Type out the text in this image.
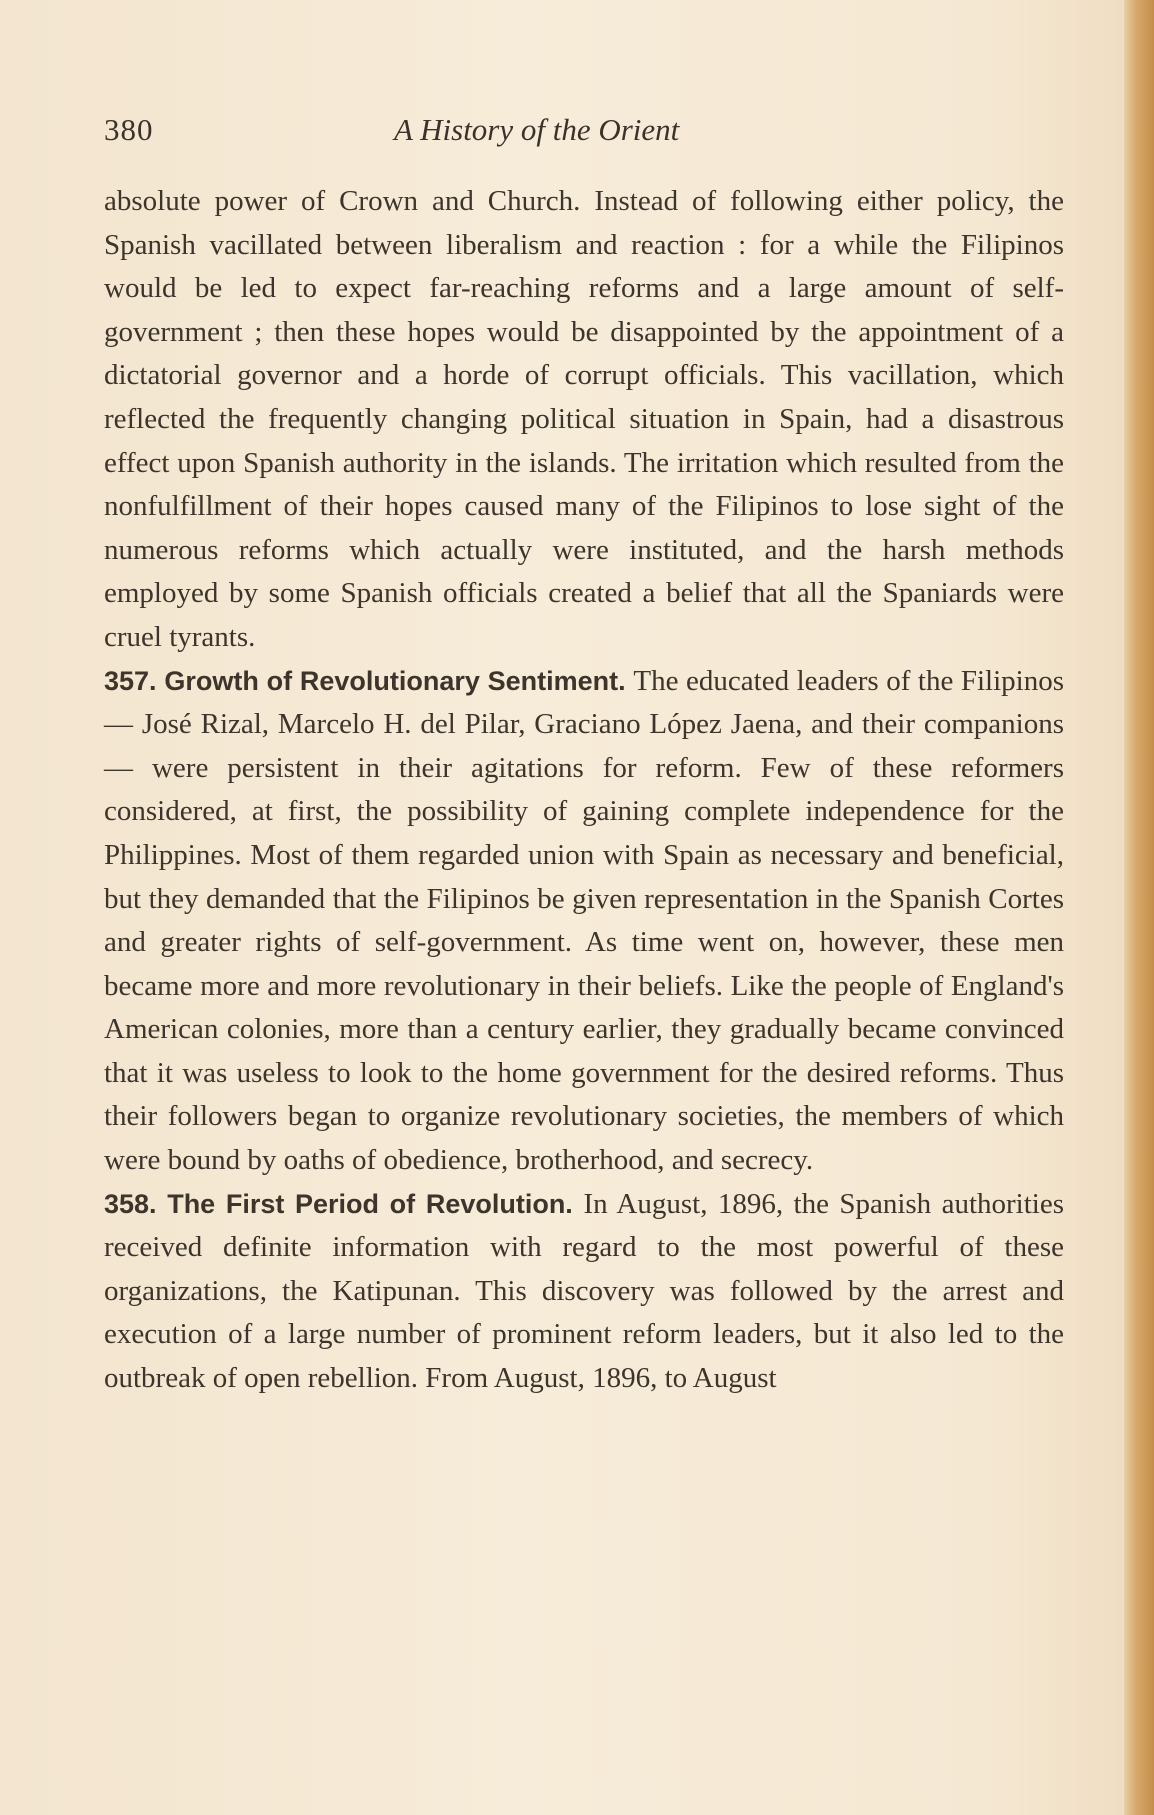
380	A History of the Orient

absolute power of Crown and Church. Instead of following either policy, the Spanish vacillated between liberalism and reaction : for a while the Filipinos would be led to expect far-reaching reforms and a large amount of self-government ; then these hopes would be disappointed by the appointment of a dictatorial governor and a horde of corrupt officials. This vacillation, which reflected the frequently changing political situation in Spain, had a disastrous effect upon Spanish authority in the islands. The irritation which resulted from the nonfulfillment of their hopes caused many of the Filipinos to lose sight of the numerous reforms which actually were instituted, and the harsh methods employed by some Spanish officials created a belief that all the Spaniards were cruel tyrants.

357. Growth of Revolutionary Sentiment. The educated leaders of the Filipinos — José Rizal, Marcelo H. del Pilar, Graciano López Jaena, and their companions — were persistent in their agitations for reform. Few of these reformers considered, at first, the possibility of gaining complete independence for the Philippines. Most of them regarded union with Spain as necessary and beneficial, but they demanded that the Filipinos be given representation in the Spanish Cortes and greater rights of self-government. As time went on, however, these men became more and more revolutionary in their beliefs. Like the people of England's American colonies, more than a century earlier, they gradually became convinced that it was useless to look to the home government for the desired reforms. Thus their followers began to organize revolutionary societies, the members of which were bound by oaths of obedience, brotherhood, and secrecy.

358. The First Period of Revolution. In August, 1896, the Spanish authorities received definite information with regard to the most powerful of these organizations, the Katipunan. This discovery was followed by the arrest and execution of a large number of prominent reform leaders, but it also led to the outbreak of open rebellion. From August, 1896, to August
